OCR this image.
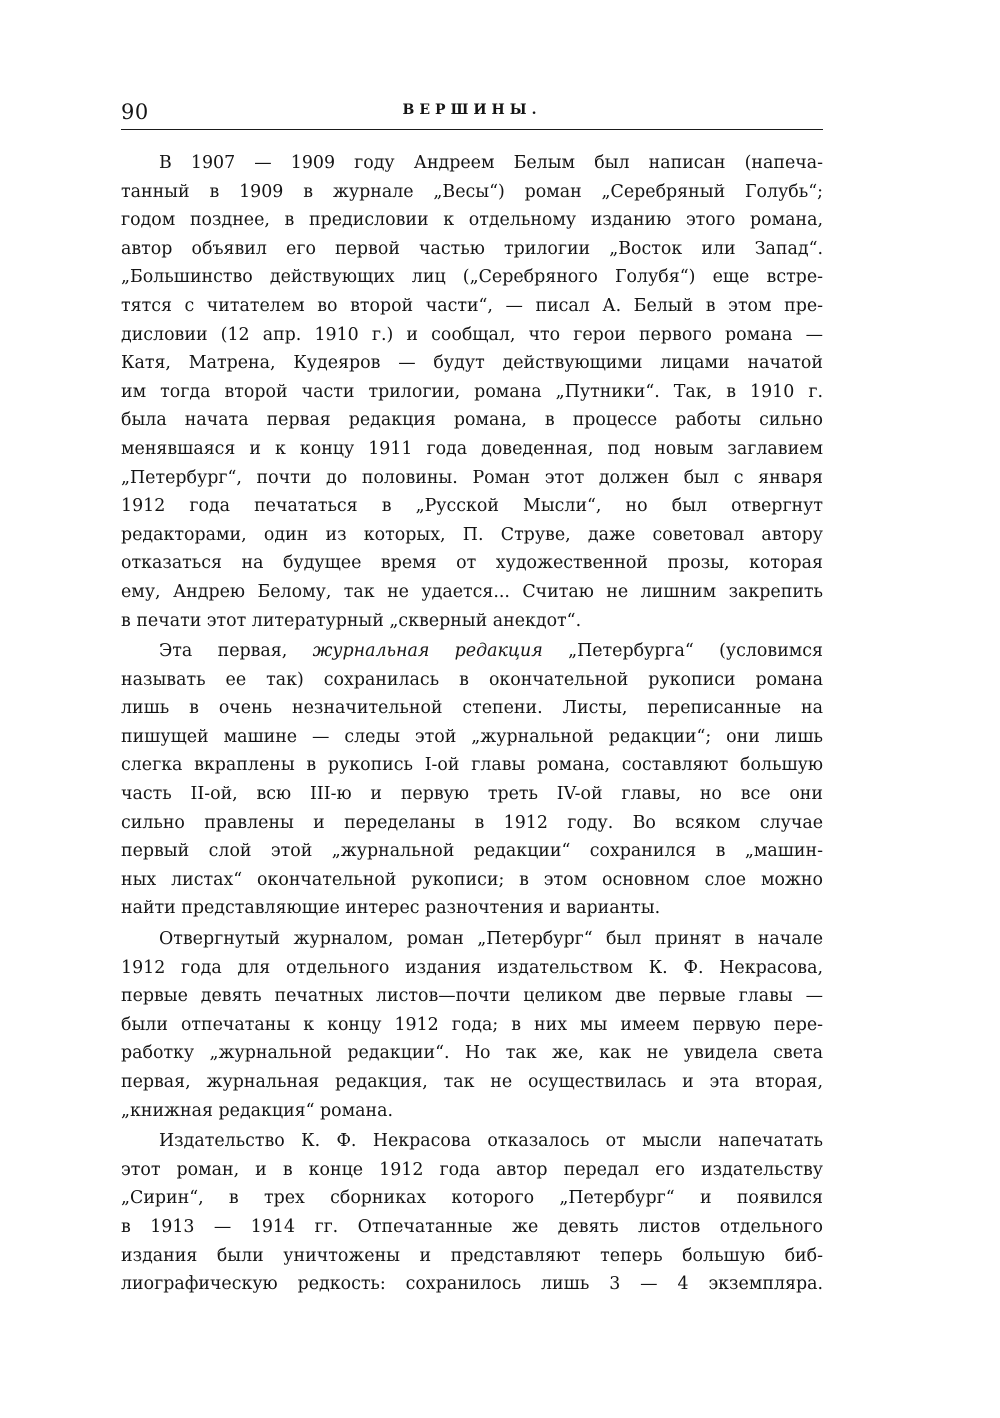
90	ВЕРШИНЫ.
В 1907 — 1909 году Андреем Белым был написан (напеча-
танный в 1909 в журнале „Весы“) роман „Серебряный Голубь“;
годом позднее, в предисловии к отдельному изданию этого романа,
автор объявил его первой частью трилогии „Восток или Запад“.
„Большинство действующих лиц („Серебряного Голубя“) еще встре-
тятся с читателем во второй части“, — писал А. Белый в этом пре-
дисловии (12 апр. 1910 г.) и сообщал, что герои первого романа —
Катя, Матрена, Кудеяров — будут действующими лицами начатой
им тогда второй части трилогии, романа „Путники“. Так, в 1910 г.
была начата первая редакция романа, в процессе работы сильно
менявшаяся и к концу 1911 года доведенная, под новым заглавием
„Петербург“, почти до половины. Роман этот должен был с января
1912 года печататься в „Русской Мысли“, но был отвергнут
редакторами, один из которых, П. Струве, даже советовал автору
отказаться на будущее время от художественной прозы, которая
ему, Андрею Белому, так не удается... Считаю не лишним закрепить
в печати этот литературный „скверный анекдот“.
Эта первая, журнальная редакция „Петербурга“ (условимся
называть ее так) сохранилась в окончательной рукописи романа
лишь в очень незначительной степени. Листы, переписанные на
пишущей машине — следы этой „журнальной редакции“; они лишь
слегка вкраплены в рукопись I-ой главы романа, составляют большую
часть II-ой, всю III-ю и первую треть IV-ой главы, но все они
сильно правлены и переделаны в 1912 году. Во всяком случае
первый слой этой „журнальной редакции“ сохранился в „машин-
ных листах“ окончательной рукописи; в этом основном слое можно
найти представляющие интерес разночтения и варианты.
Отвергнутый журналом, роман „Петербург“ был принят в начале
1912 года для отдельного издания издательством К. Ф. Некрасова,
первые девять печатных листов—почти целиком две первые главы —
были отпечатаны к концу 1912 года; в них мы имеем первую пере-
работку „журнальной редакции“. Но так же, как не увидела света
первая, журнальная редакция, так не осуществилась и эта вторая,
„книжная редакция“ романа.
Издательство К. Ф. Некрасова отказалось от мысли напечатать
этот роман, и в конце 1912 года автор передал его издательству
„Сирин“, в трех сборниках которого „Петербург“ и появился
в 1913 — 1914 гг. Отпечатанные же девять листов отдельного
издания были уничтожены и представляют теперь большую биб-
лиографическую редкость: сохранилось лишь 3 — 4 экземпляра.
